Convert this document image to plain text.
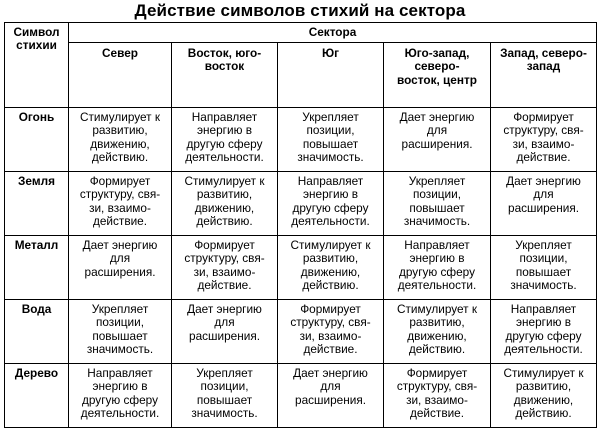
Действие символов стихий на сектора
Символ стихии	Сектора				

	Север	Восток, юго-восток	Юг	Юго-запад, северо-восток, центр	Запад, северо-запад

Огонь	Стимулирует к развитию, движению, действию.	Направляет энергию в другую сферу деятельности.	Укрепляет позиции, повышает значимость.	Дает энергию для расширения.	Формирует структуру, свя-зи, взаимо-действие.

Земля	Формирует структуру, свя-зи, взаимо-действие.	Стимулирует к развитию, движению, действию.	Направляет энергию в другую сферу деятельности.	Укрепляет позиции, повышает значимость.	Дает энергию для расширения.

Металл	Дает энергию для расширения.	Формирует структуру, свя-зи, взаимо-действие.	Стимулирует к развитию, движению, действию.	Направляет энергию в другую сферу деятельности.	Укрепляет позиции, повышает значимость.

Вода	Укрепляет позиции, повышает значимость.	Дает энергию для расширения.	Формирует структуру, свя-зи, взаимо-действие.	Стимулирует к развитию, движению, действию.	Направляет энергию в другую сферу деятельности.

Дерево	Направляет энергию в другую сферу деятельности.	Укрепляет позиции, повышает значимость.	Дает энергию для расширения.	Формирует структуру, свя-зи, взаимо-действие.	Стимулирует к развитию, движению, действию.
